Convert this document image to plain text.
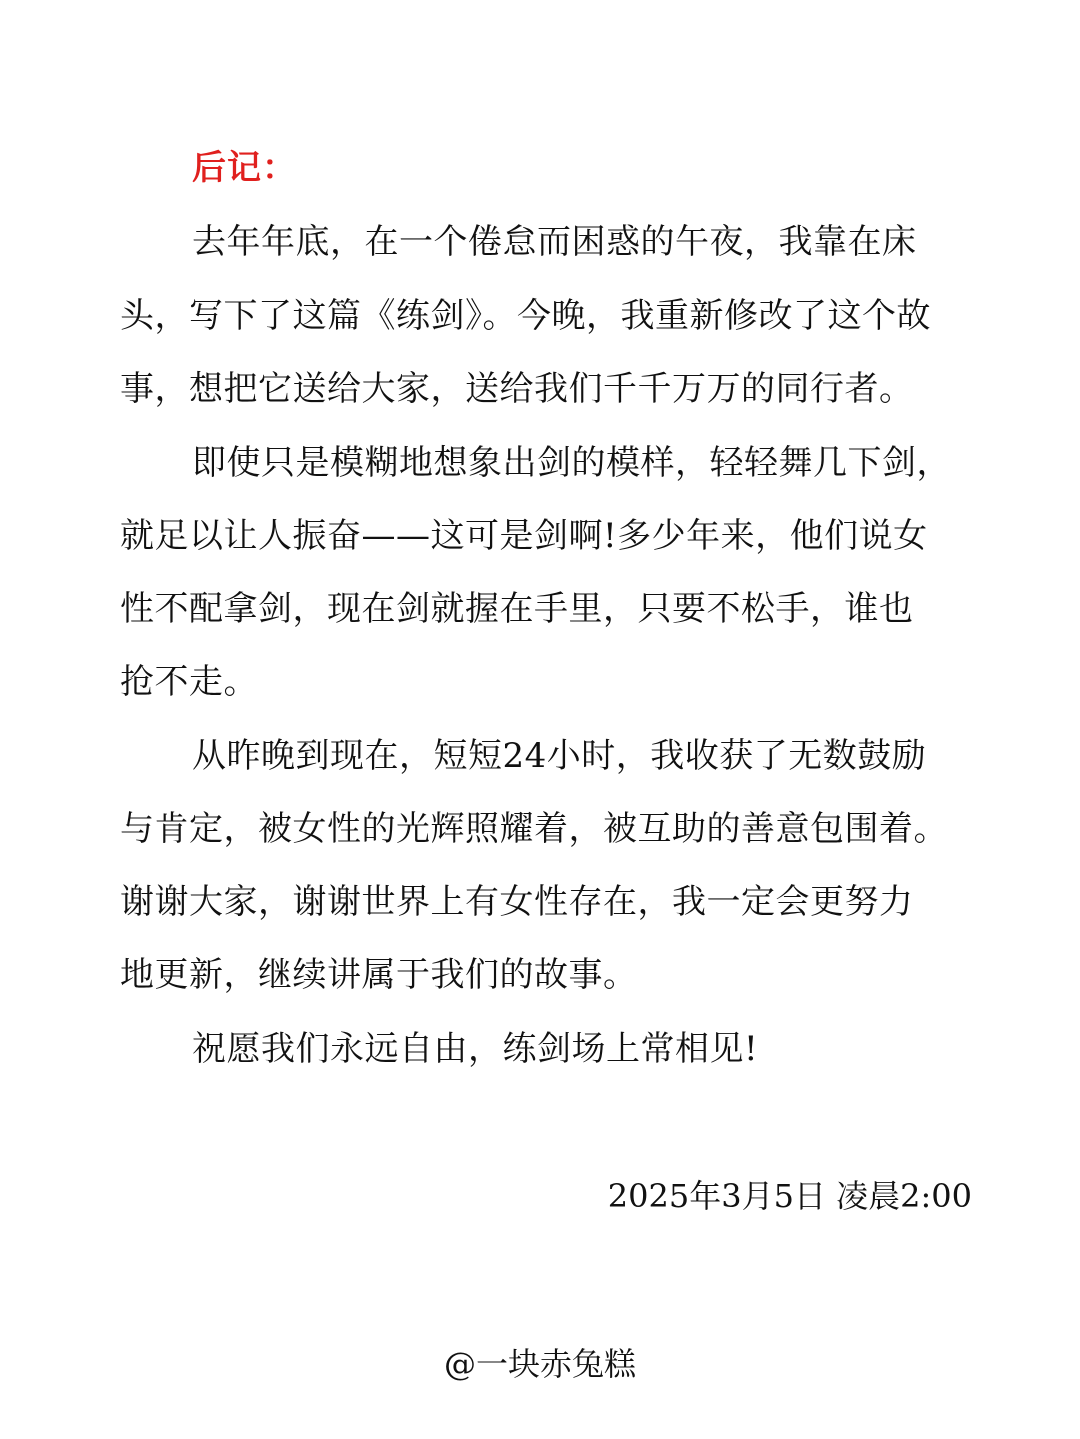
后记：
去年年底，在一个倦怠而困惑的午夜，我靠在床
头，写下了这篇《练剑》。今晚，我重新修改了这个故
事，想把它送给大家，送给我们千千万万的同行者。
即使只是模糊地想象出剑的模样，轻轻舞几下剑，
就足以让人振奋——这可是剑啊!多少年来，他们说女
性不配拿剑，现在剑就握在手里，只要不松手，谁也
抢不走。
从昨晚到现在，短短24小时，我收获了无数鼓励
与肯定，被女性的光辉照耀着，被互助的善意包围着。
谢谢大家，谢谢世界上有女性存在，我一定会更努力
地更新，继续讲属于我们的故事。
祝愿我们永远自由，练剑场上常相见!
2025年3月5日 凌晨2:00
@一块赤兔糕
